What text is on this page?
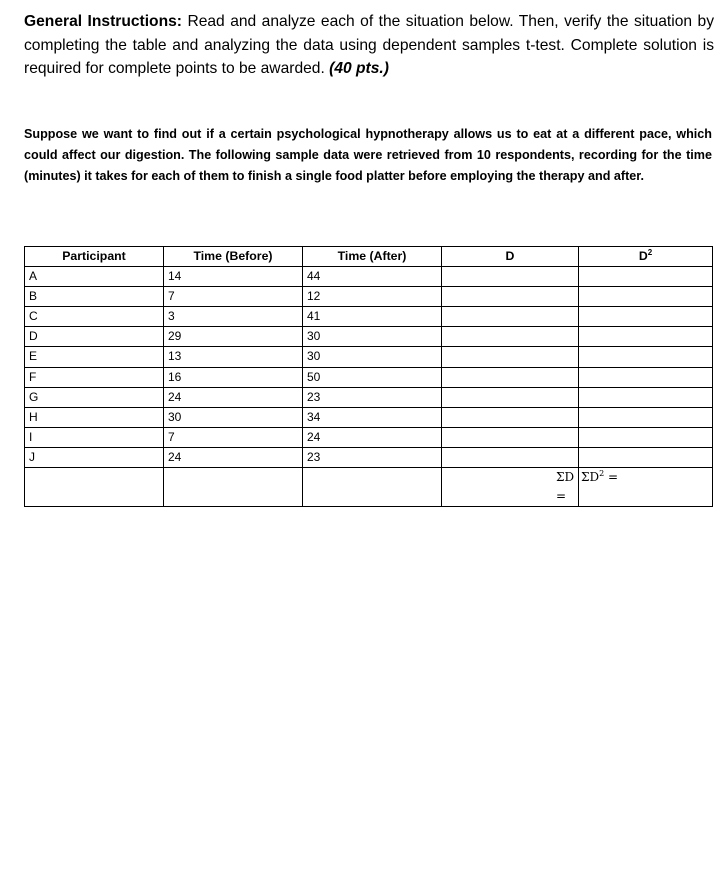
General Instructions: Read and analyze each of the situation below. Then, verify the situation by completing the table and analyzing the data using dependent samples t-test. Complete solution is required for complete points to be awarded. (40 pts.)
Suppose we want to find out if a certain psychological hypnotherapy allows us to eat at a different pace, which could affect our digestion. The following sample data were retrieved from 10 respondents, recording for the time (minutes) it takes for each of them to finish a single food platter before employing the therapy and after.
Participant	Time (Before)	Time (After)	D	$D^2$
A	14	44		
B	7	12		
C	3	41		
D	29	30		
E	13	30		
F	16	50		
G	24	23		
H	30	34		
I	7	24		
J	24	23		
			ΣD =	$\Sigma D^2$ =
